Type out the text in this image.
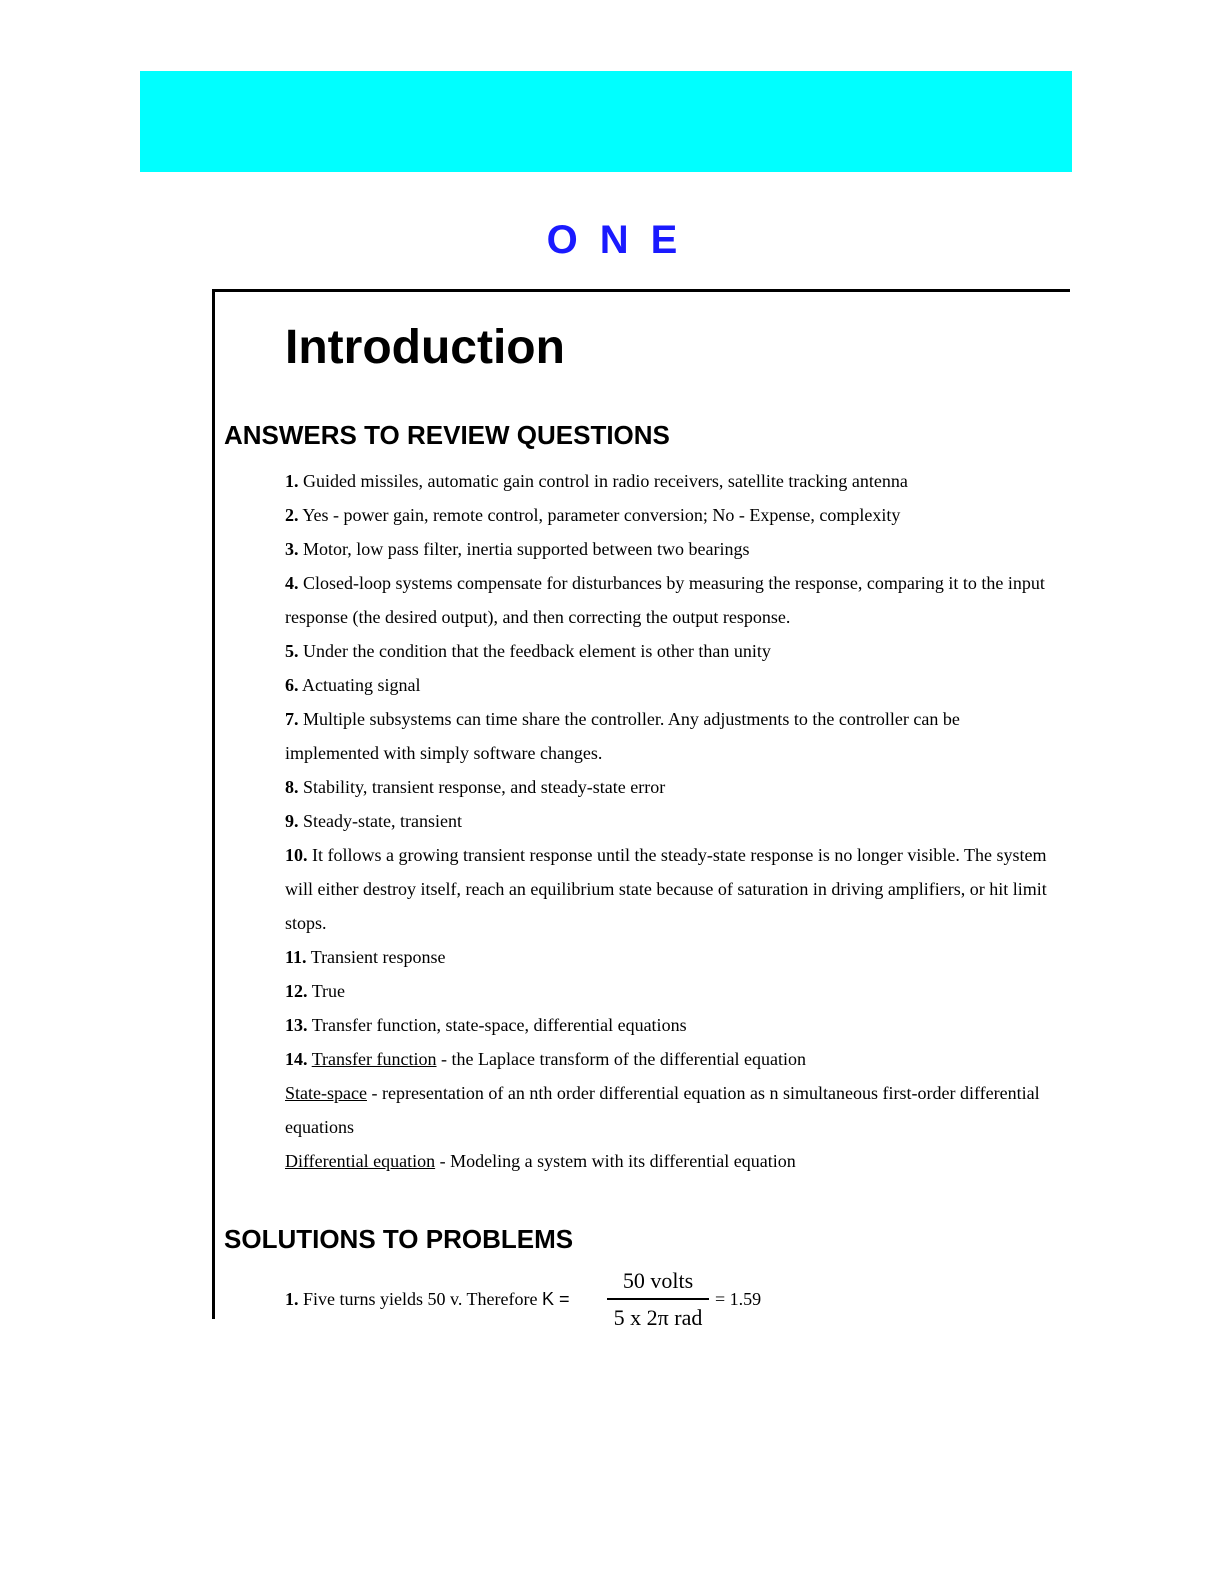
ONE
Introduction
ANSWERS TO REVIEW QUESTIONS

1. Guided missiles, automatic gain control in radio receivers, satellite tracking antenna

2. Yes - power gain, remote control, parameter conversion; No - Expense, complexity

3. Motor, low pass filter, inertia supported between two bearings

4. Closed-loop systems compensate for disturbances by measuring the response, comparing it to the input response (the desired output), and then correcting the output response.

5. Under the condition that the feedback element is other than unity

6. Actuating signal

7. Multiple subsystems can time share the controller. Any adjustments to the controller can be implemented with simply software changes.

8. Stability, transient response, and steady-state error

9. Steady-state, transient

10. It follows a growing transient response until the steady-state response is no longer visible. The system will either destroy itself, reach an equilibrium state because of saturation in driving amplifiers, or hit limit stops.

11. Transient response

12. True

13. Transfer function, state-space, differential equations

14. Transfer function - the Laplace transform of the differential equation

State-space - representation of an nth order differential equation as n simultaneous first-order differential equations

Differential equation - Modeling a system with its differential equation

SOLUTIONS TO PROBLEMS
1. Five turns yields 50 v. Therefore K =
50 volts
5 x 2π rad
= 1.59
